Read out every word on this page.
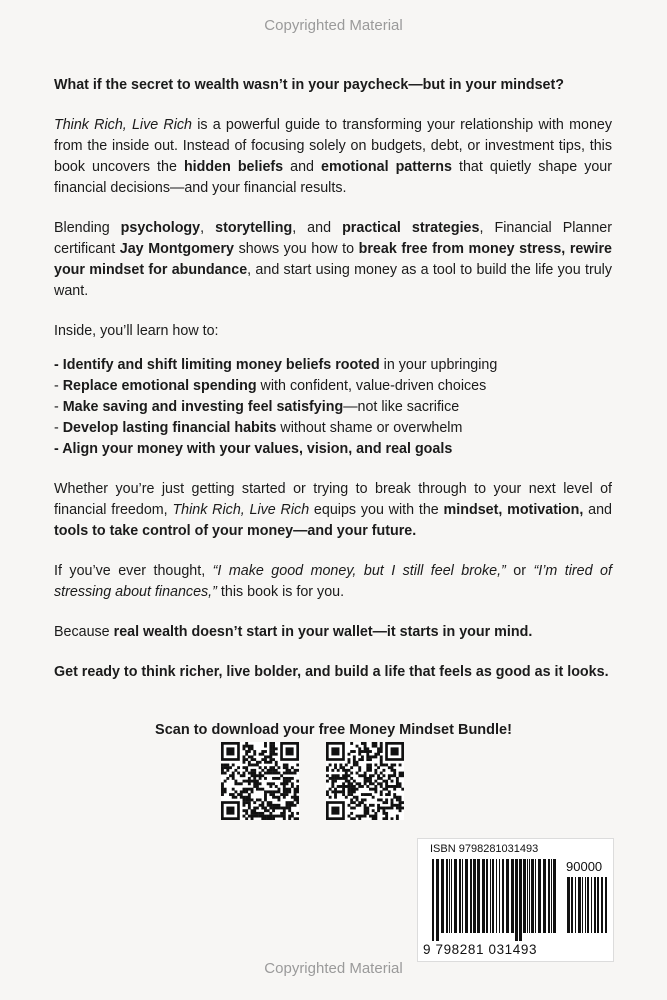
Copyrighted Material

What if the secret to wealth wasn’t in your paycheck—but in your mindset?

Think Rich, Live Rich is a powerful guide to transforming your relationship with money from the inside out. Instead of focusing solely on budgets, debt, or investment tips, this book uncovers the hidden beliefs and emotional patterns that quietly shape your financial decisions—and your financial results.

Blending psychology, storytelling, and practical strategies, Financial Planner certificant Jay Montgomery shows you how to break free from money stress, rewire your mindset for abundance, and start using money as a tool to build the life you truly want.

Inside, you’ll learn how to:

- Identify and shift limiting money beliefs rooted in your upbringing
- Replace emotional spending with confident, value-driven choices
- Make saving and investing feel satisfying—not like sacrifice
- Develop lasting financial habits without shame or overwhelm
- Align your money with your values, vision, and real goals

Whether you’re just getting started or trying to break through to your next level of financial freedom, Think Rich, Live Rich equips you with the mindset, motivation, and tools to take control of your money—and your future.

If you’ve ever thought, “I make good money, but I still feel broke,” or “I’m tired of stressing about finances,” this book is for you.

Because real wealth doesn’t start in your wallet—it starts in your mind.

Get ready to think richer, live bolder, and build a life that feels as good as it looks.

Scan to download your free Money Mindset Bundle!
ISBN 9798281031493
90000
9 798281 031493
Copyrighted Material
